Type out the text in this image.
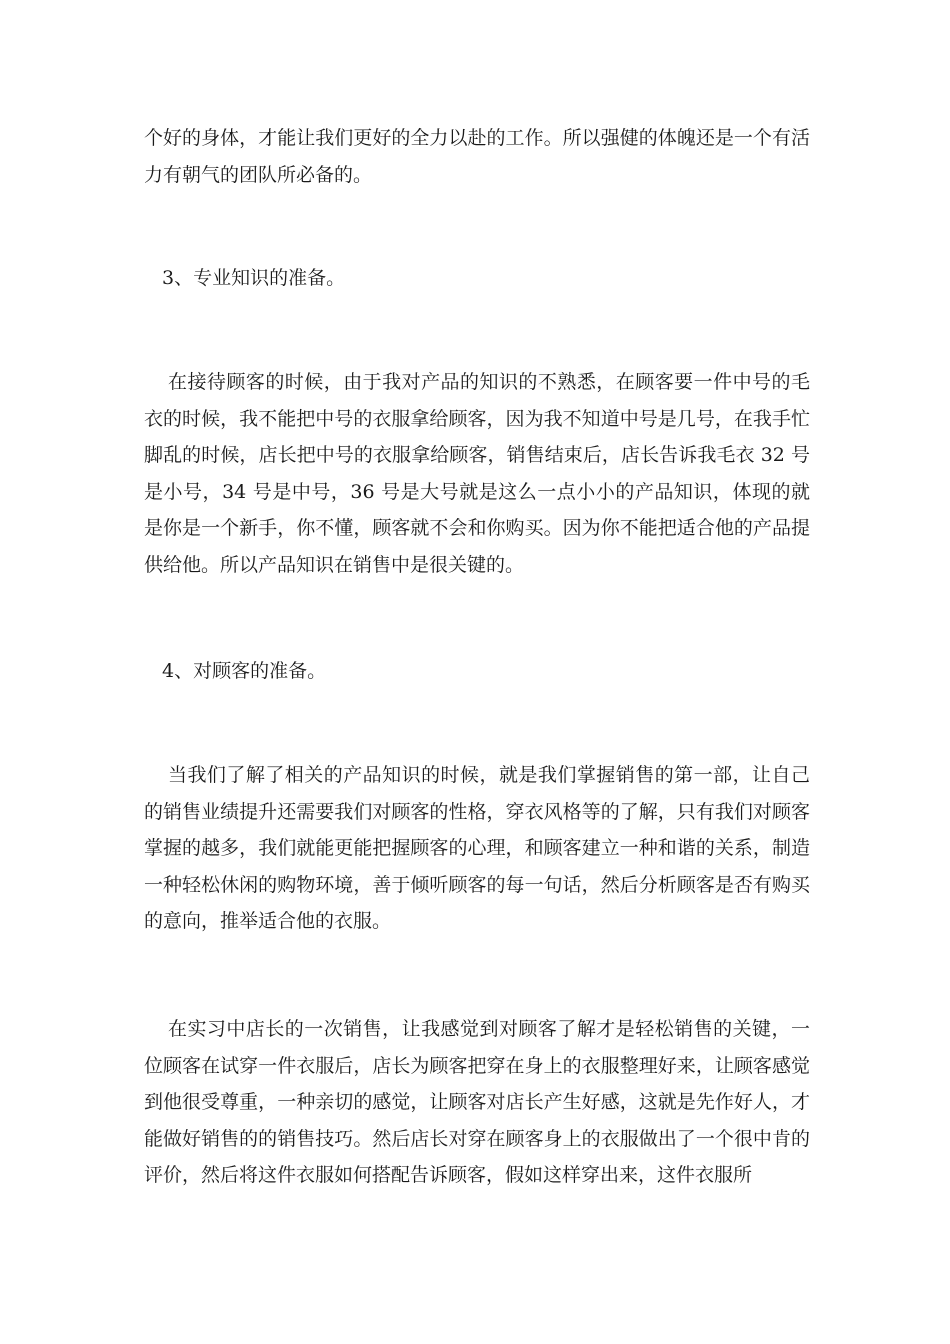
个好的身体，才能让我们更好的全力以赴的工作。所以强健的体魄还是一个有活力有朝气的团队所必备的。

3、专业知识的准备。

在接待顾客的时候，由于我对产品的知识的不熟悉，在顾客要一件中号的毛衣的时候，我不能把中号的衣服拿给顾客，因为我不知道中号是几号，在我手忙脚乱的时候，店长把中号的衣服拿给顾客，销售结束后，店长告诉我毛衣 32 号是小号，34 号是中号，36 号是大号就是这么一点小小的产品知识，体现的就是你是一个新手，你不懂，顾客就不会和你购买。因为你不能把适合他的产品提供给他。所以产品知识在销售中是很关键的。

4、对顾客的准备。

当我们了解了相关的产品知识的时候，就是我们掌握销售的第一部，让自己的销售业绩提升还需要我们对顾客的性格，穿衣风格等的了解，只有我们对顾客掌握的越多，我们就能更能把握顾客的心理，和顾客建立一种和谐的关系，制造一种轻松休闲的购物环境，善于倾听顾客的每一句话，然后分析顾客是否有购买的意向，推举适合他的衣服。

在实习中店长的一次销售，让我感觉到对顾客了解才是轻松销售的关键，一位顾客在试穿一件衣服后，店长为顾客把穿在身上的衣服整理好来，让顾客感觉到他很受尊重，一种亲切的感觉，让顾客对店长产生好感，这就是先作好人，才能做好销售的的销售技巧。然后店长对穿在顾客身上的衣服做出了一个很中肯的评价，然后将这件衣服如何搭配告诉顾客，假如这样穿出来，这件衣服所
